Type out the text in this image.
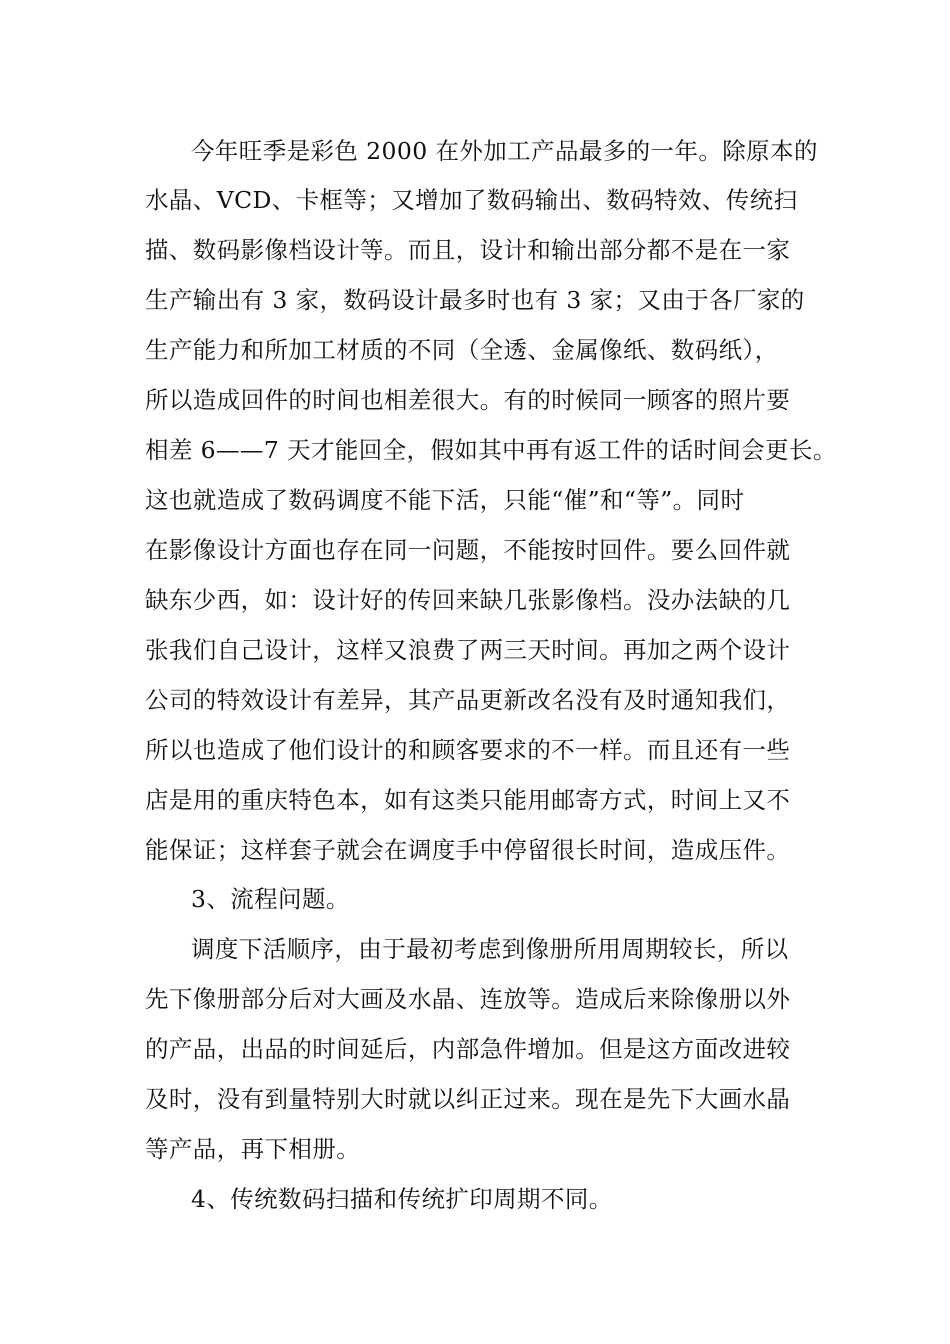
今年旺季是彩色 2000 在外加工产品最多的一年。除原本的
水晶、VCD、卡框等；又增加了数码输出、数码特效、传统扫
描、数码影像档设计等。而且，设计和输出部分都不是在一家
生产输出有 3 家，数码设计最多时也有 3 家；又由于各厂家的
生产能力和所加工材质的不同（全透、金属像纸、数码纸），
所以造成回件的时间也相差很大。有的时候同一顾客的照片要
相差 6——7 天才能回全，假如其中再有返工件的话时间会更长。
这也就造成了数码调度不能下活，只能“催”和“等”。同时
在影像设计方面也存在同一问题，不能按时回件。要么回件就
缺东少西，如：设计好的传回来缺几张影像档。没办法缺的几
张我们自己设计，这样又浪费了两三天时间。再加之两个设计
公司的特效设计有差异，其产品更新改名没有及时通知我们，
所以也造成了他们设计的和顾客要求的不一样。而且还有一些
店是用的重庆特色本，如有这类只能用邮寄方式，时间上又不
能保证；这样套子就会在调度手中停留很长时间，造成压件。
3、流程问题。
调度下活顺序，由于最初考虑到像册所用周期较长，所以
先下像册部分后对大画及水晶、连放等。造成后来除像册以外
的产品，出品的时间延后，内部急件增加。但是这方面改进较
及时，没有到量特别大时就以纠正过来。现在是先下大画水晶
等产品，再下相册。
4、传统数码扫描和传统扩印周期不同。
